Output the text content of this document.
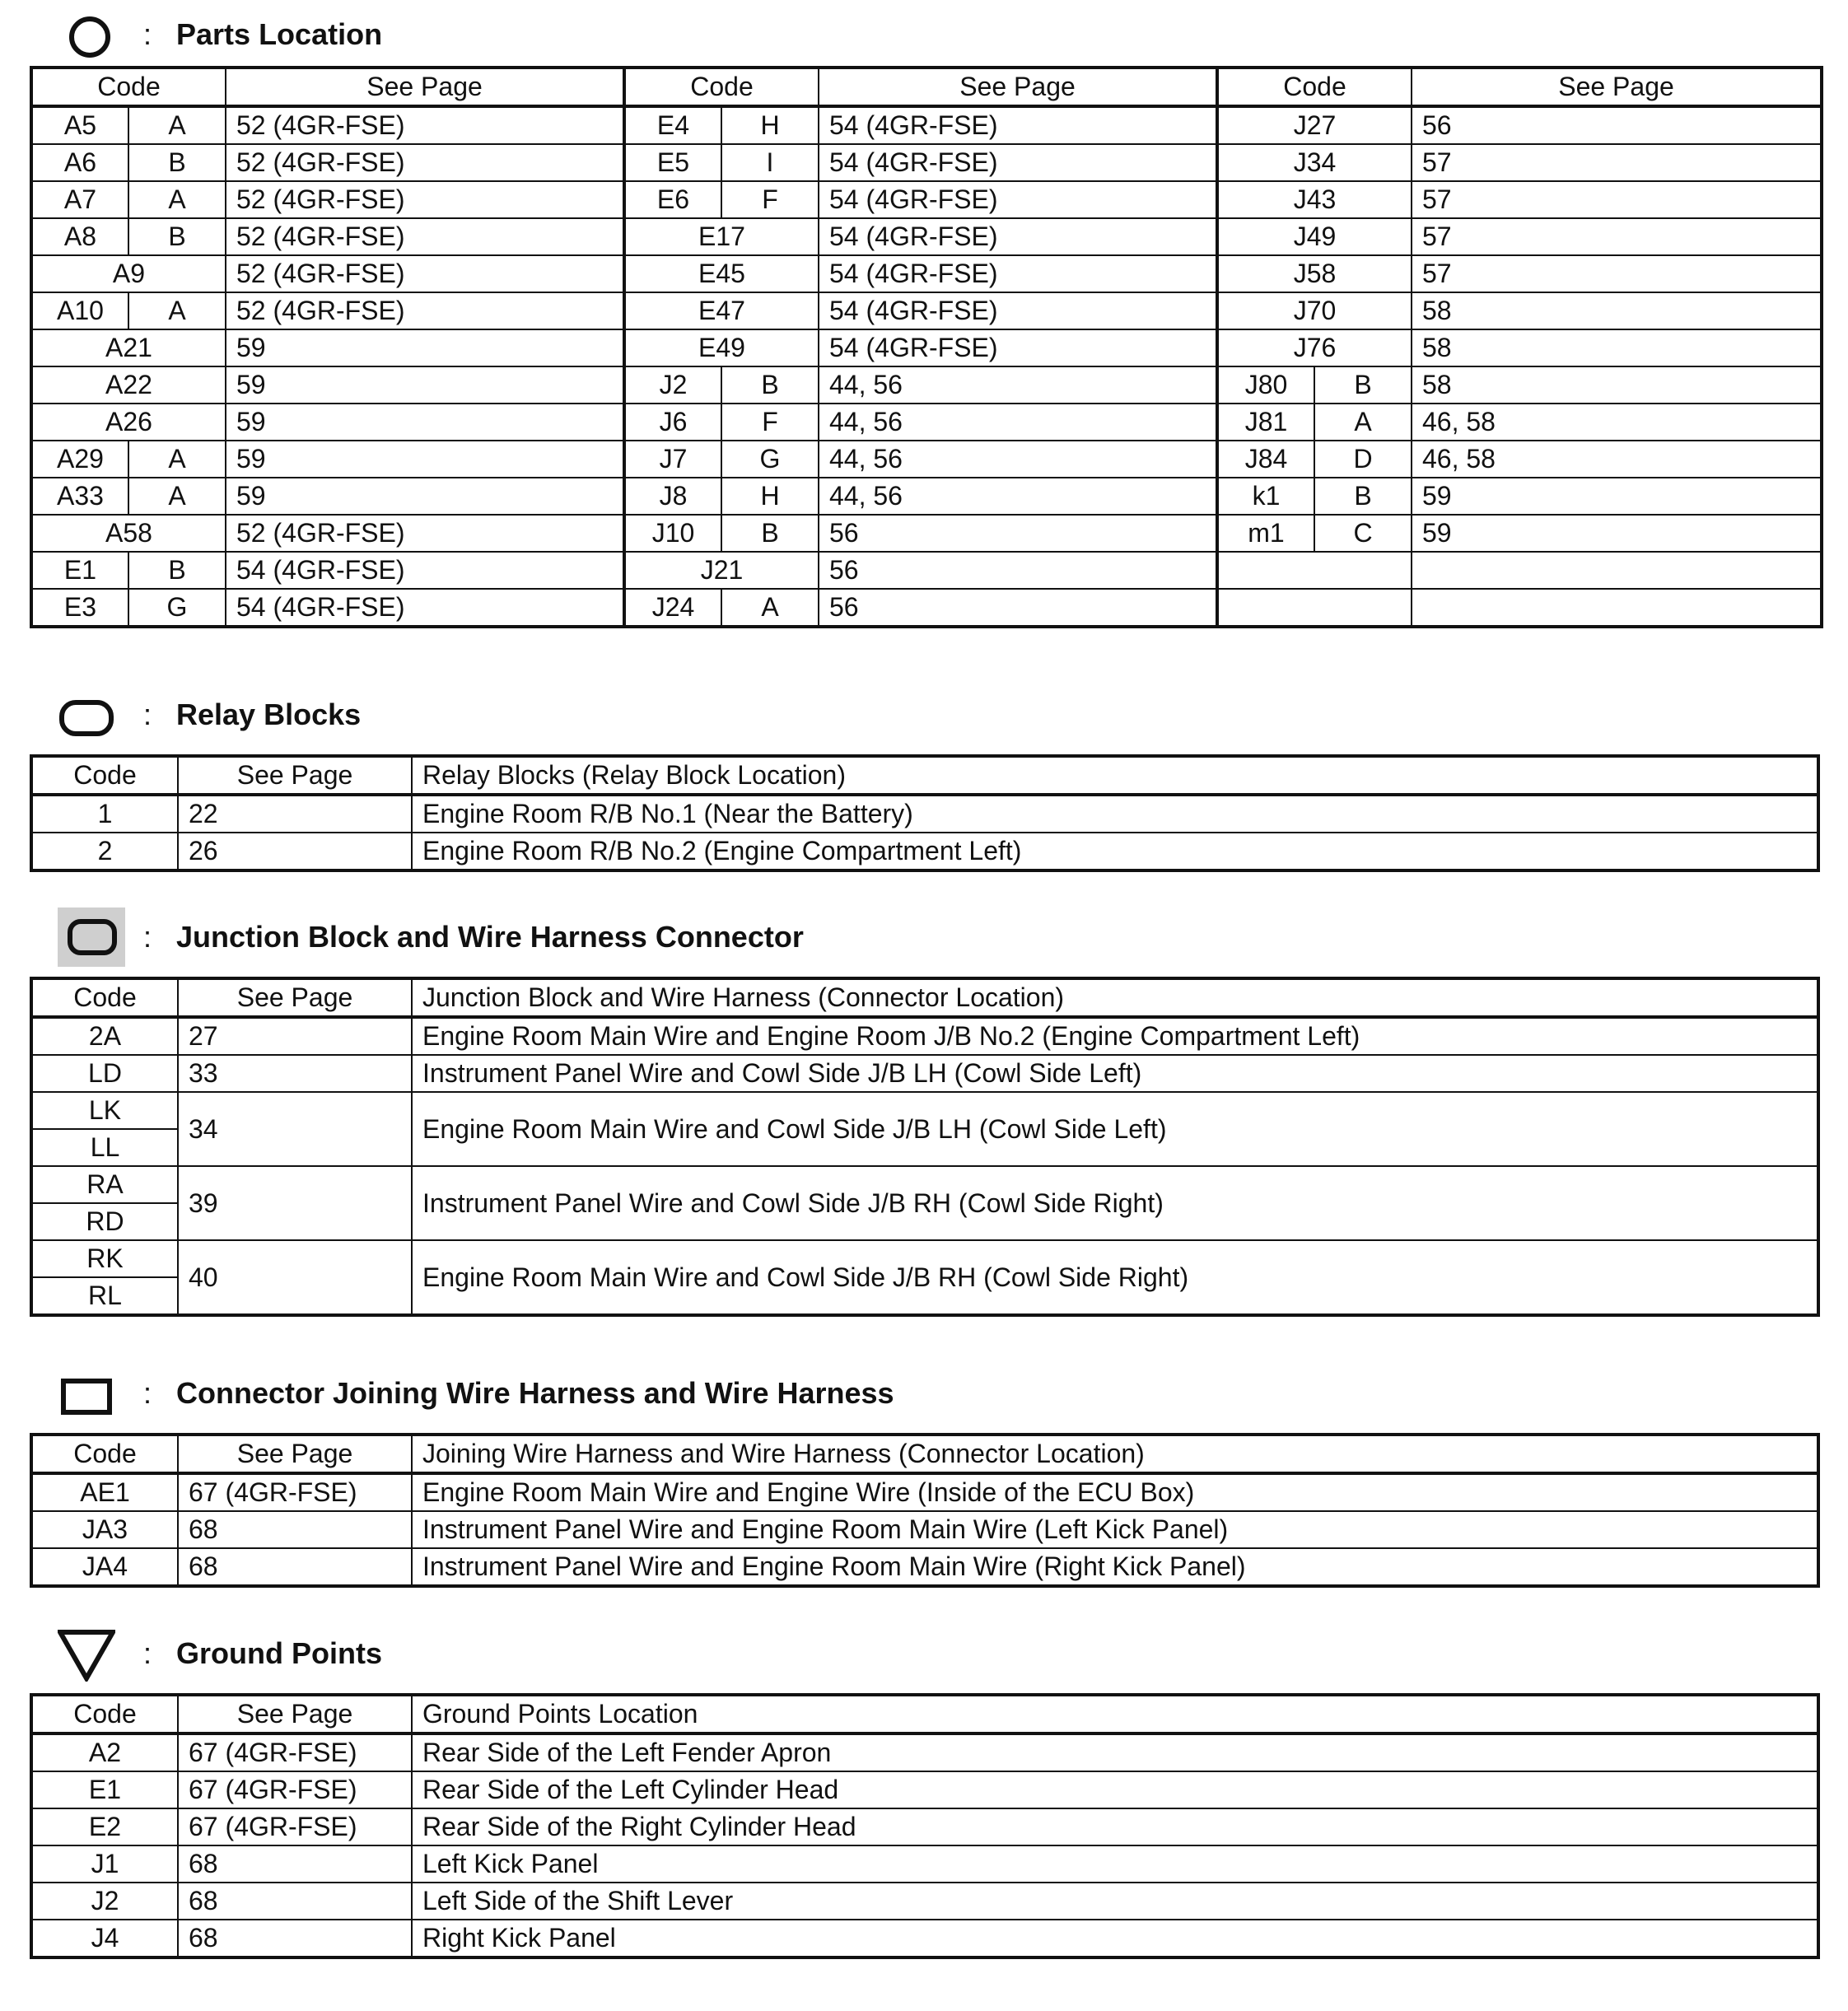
: Parts Location
Code		See Page	Code		See Page	Code		See Page
A5	A	52 (4GR-FSE)	E4	H	54 (4GR-FSE)	J27		56
A6	B	52 (4GR-FSE)	E5	I	54 (4GR-FSE)	J34		57
A7	A	52 (4GR-FSE)	E6	F	54 (4GR-FSE)	J43		57
A8	B	52 (4GR-FSE)	E17		54 (4GR-FSE)	J49		57
A9		52 (4GR-FSE)	E45		54 (4GR-FSE)	J58		57
A10	A	52 (4GR-FSE)	E47		54 (4GR-FSE)	J70		58
A21		59	E49		54 (4GR-FSE)	J76		58
A22		59	J2	B	44, 56	J80	B	58
A26		59	J6	F	44, 56	J81	A	46, 58
A29	A	59	J7	G	44, 56	J84	D	46, 58
A33	A	59	J8	H	44, 56	k1	B	59
A58		52 (4GR-FSE)	J10	B	56	m1	C	59
E1	B	54 (4GR-FSE)	J21		56			
E3	G	54 (4GR-FSE)	J24	A	56			
: Relay Blocks
Code	See Page	Relay Blocks (Relay Block Location)
1	22	Engine Room R/B No.1 (Near the Battery)
2	26	Engine Room R/B No.2 (Engine Compartment Left)
: Junction Block and Wire Harness Connector
Code	See Page	Junction Block and Wire Harness (Connector Location)
2A	27	Engine Room Main Wire and Engine Room J/B No.2 (Engine Compartment Left)
LD	33	Instrument Panel Wire and Cowl Side J/B LH (Cowl Side Left)
LK	34	Engine Room Main Wire and Cowl Side J/B LH (Cowl Side Left)
LL		
RA	39	Instrument Panel Wire and Cowl Side J/B RH (Cowl Side Right)
RD		
RK	40	Engine Room Main Wire and Cowl Side J/B RH (Cowl Side Right)
RL		
: Connector Joining Wire Harness and Wire Harness
Code	See Page	Joining Wire Harness and Wire Harness (Connector Location)
AE1	67 (4GR-FSE)	Engine Room Main Wire and Engine Wire (Inside of the ECU Box)
JA3	68	Instrument Panel Wire and Engine Room Main Wire (Left Kick Panel)
JA4	68	Instrument Panel Wire and Engine Room Main Wire (Right Kick Panel)
: Ground Points
Code	See Page	Ground Points Location
A2	67 (4GR-FSE)	Rear Side of the Left Fender Apron
E1	67 (4GR-FSE)	Rear Side of the Left Cylinder Head
E2	67 (4GR-FSE)	Rear Side of the Right Cylinder Head
J1	68	Left Kick Panel
J2	68	Left Side of the Shift Lever
J4	68	Right Kick Panel
